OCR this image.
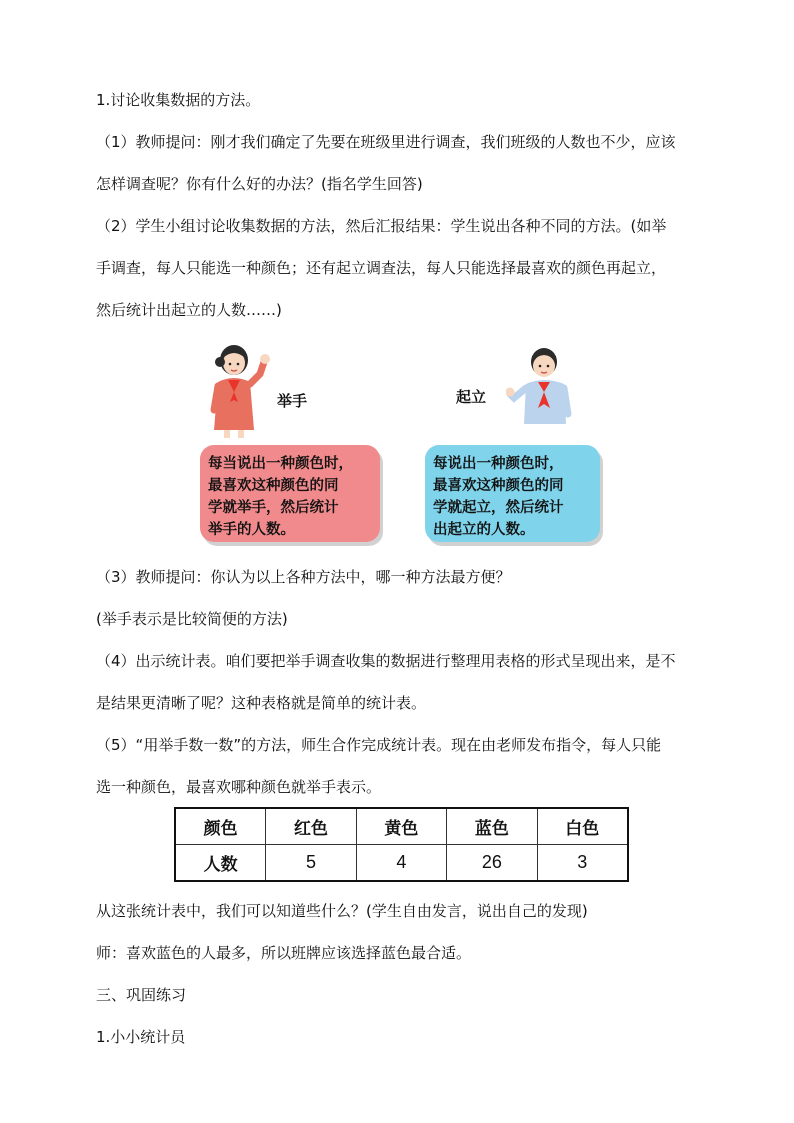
1.讨论收集数据的方法。
（1）教师提问：刚才我们确定了先要在班级里进行调查，我们班级的人数也不少，应该
怎样调查呢？你有什么好的办法？(指名学生回答)
（2）学生小组讨论收集数据的方法，然后汇报结果：学生说出各种不同的方法。(如举
手调查，每人只能选一种颜色；还有起立调查法，每人只能选择最喜欢的颜色再起立，
然后统计出起立的人数……)
举手	起立
每当说出一种颜色时，
最喜欢这种颜色的同
学就举手，然后统计
举手的人数。
每说出一种颜色时，
最喜欢这种颜色的同
学就起立，然后统计
出起立的人数。
（3）教师提问：你认为以上各种方法中，哪一种方法最方便？
(举手表示是比较简便的方法)
（4）出示统计表。咱们要把举手调查收集的数据进行整理用表格的形式呈现出来，是不
是结果更清晰了呢？这种表格就是简单的统计表。
（5）“用举手数一数”的方法，师生合作完成统计表。现在由老师发布指令，每人只能
选一种颜色，最喜欢哪种颜色就举手表示。
颜色	红色	黄色	蓝色	白色
人数	5	4	26	3
从这张统计表中，我们可以知道些什么？(学生自由发言，说出自己的发现)
师：喜欢蓝色的人最多，所以班牌应该选择蓝色最合适。
三、巩固练习
1.小小统计员
